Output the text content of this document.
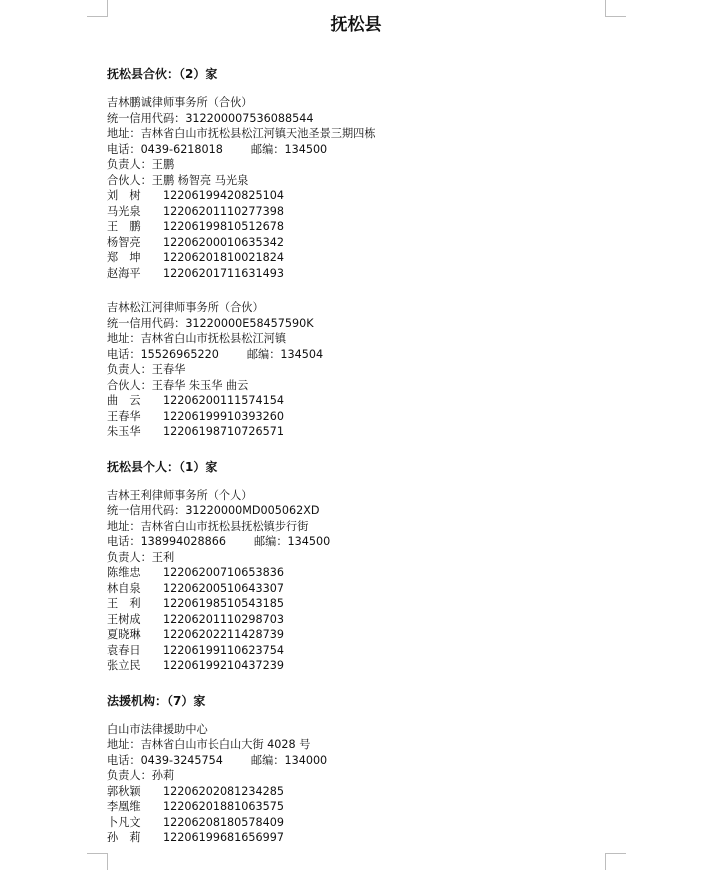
抚松县
抚松县合伙：（2）家
吉林鹏诚律师事务所（合伙）
统一信用代码：31220000753608854​4
地址：吉林省白山市抚松县松江河镇天池圣景三期四栋
电话：0439-6218018	邮编：134500
负责人：王鹏
合伙人：王鹏 杨智亮 马光泉
刘　树	12206199420825104
马光泉	12206201110277398
王　鹏	12206199810512678
杨智亮	12206200010635342
郑　坤	12206201810021824
赵海平	12206201711631493
吉林松江河律师事务所（合伙）
统一信用代码：31220000E58457590K
地址：吉林省白山市抚松县松江河镇
电话：15526965220	邮编：134504
负责人：王春华
合伙人：王春华 朱玉华 曲云
曲　云	12206200111574154
王春华	12206199910393260
朱玉华	12206198710726571
抚松县个人：（1）家
吉林王利律师事务所（个人）
统一信用代码：31220000MD005062XD
地址：吉林省白山市抚松县抚松镇步行街
电话：138994028866	邮编：134500
负责人：王利
陈维忠	12206200710653836
林自泉	12206200510643307
王　利	12206198510543185
王树成	12206201110298703
夏晓琳	12206202211428739
袁春日	12206199110623754
张立民	12206199210437239
法援机构：（7）家
白山市法律援助中心
地址：吉林省白山市长白山大街 4028 号
电话：0439-3245754	邮编：134000
负责人：孙莉
郭秋颖	12206202081234285
李凰维	12206201881063575
卜凡文	12206208180578409
孙　莉	12206199681656997
